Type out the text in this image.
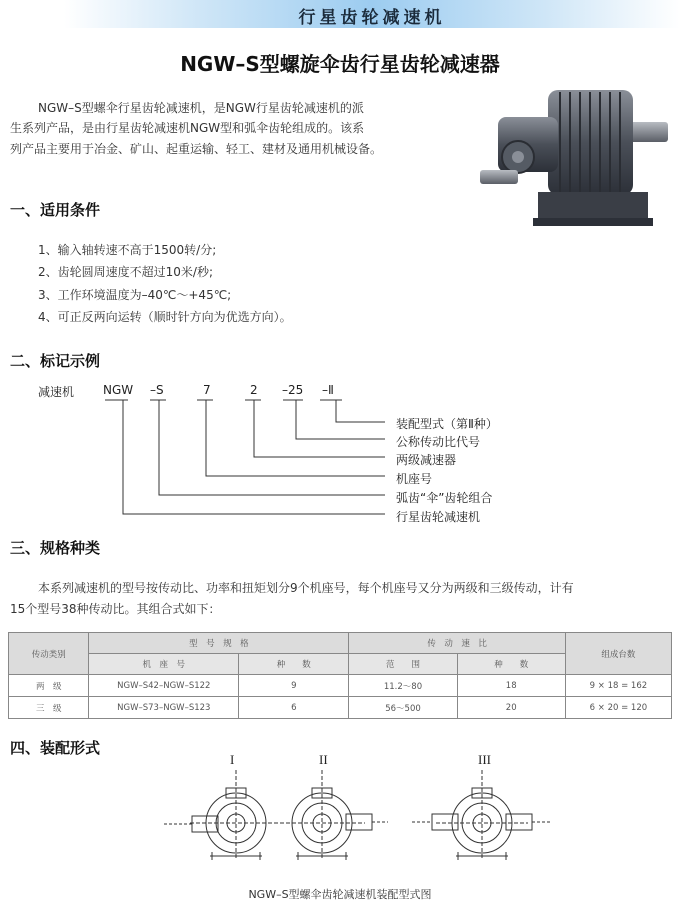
行星齿轮减速机
NGW–S型螺旋伞齿行星齿轮减速器
NGW–S型螺伞行星齿轮减速机，是NGW行星齿轮减速机的派
生系列产品，是由行星齿轮减速机NGW型和弧伞齿轮组成的。该系
列产品主要用于冶金、矿山、起重运输、轻工、建材及通用机械设备。
一、适用条件
1、输入轴转速不高于1500转/分;
2、齿轮圆周速度不超过10米/秒;
3、工作环境温度为–40℃～+45℃;
4、可正反两向运转（顺时针方向为优选方向）。
二、标记示例
减速机 NGW –S	7	2 –25 –Ⅱ
装配型式（第Ⅱ种）
公称传动比代号
两级减速器
机座号
弧齿“伞”齿轮组合
行星齿轮减速机
三、规格种类
本系列减速机的型号按传动比、功率和扭矩划分9个机座号，每个机座号又分为两级和三级传动，计有
15个型号38种传动比。其组合式如下：
传动类别	型　号　规　格		传　动　速　比		组成台数
	机　座　号	种　　数	范　　围	种　　数	
两　级	NGW–S42–NGW–S122	9	11.2～80	18	9 × 18 = 162
三　级	NGW–S73–NGW–S123	6	56～500	20	6 × 20 = 120
四、装配形式
I	II	III
NGW–S型螺伞齿轮减速机装配型式图
